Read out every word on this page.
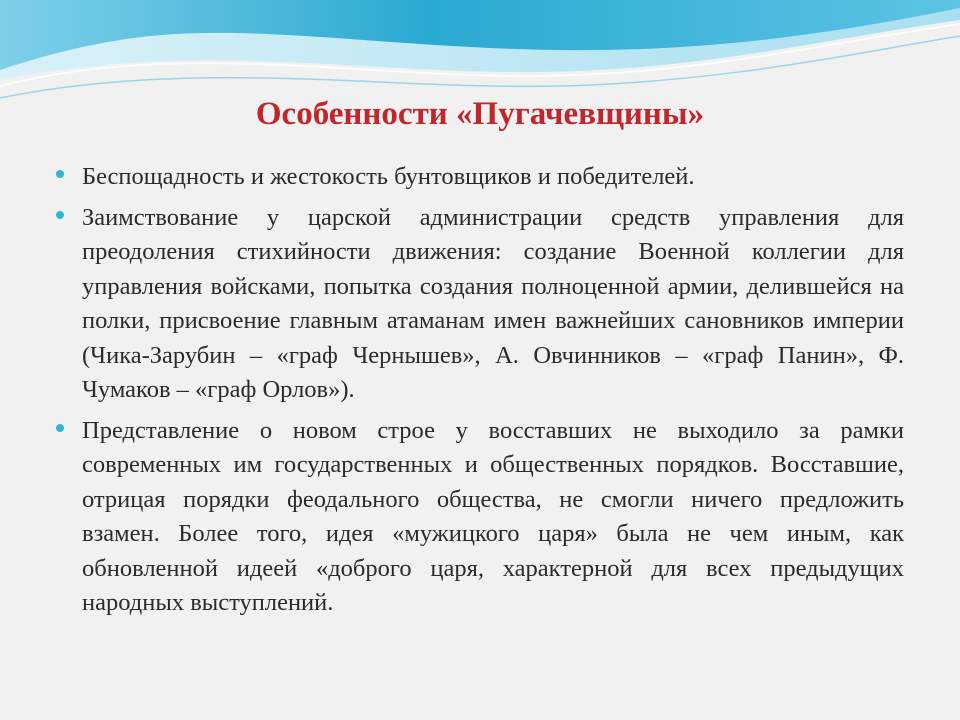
Особенности «Пугачевщины»
Беспощадность и жестокость бунтовщиков и победителей.
Заимствование у царской администрации средств управления для преодоления стихийности движения: создание Военной коллегии для управления войсками, попытка создания полноценной армии, делившейся на полки, присвоение главным атаманам имен важнейших сановников империи (Чика-Зарубин – «граф Чернышев», А. Овчинников – «граф Панин», Ф. Чумаков – «граф Орлов»).
Представление о новом строе у восставших не выходило за рамки современных им государственных и общественных порядков. Восставшие, отрицая порядки феодального общества, не смогли ничего предложить взамен. Более того, идея «мужицкого царя» была не чем иным, как обновленной идеей «доброго царя, характерной для всех предыдущих народных выступлений.
